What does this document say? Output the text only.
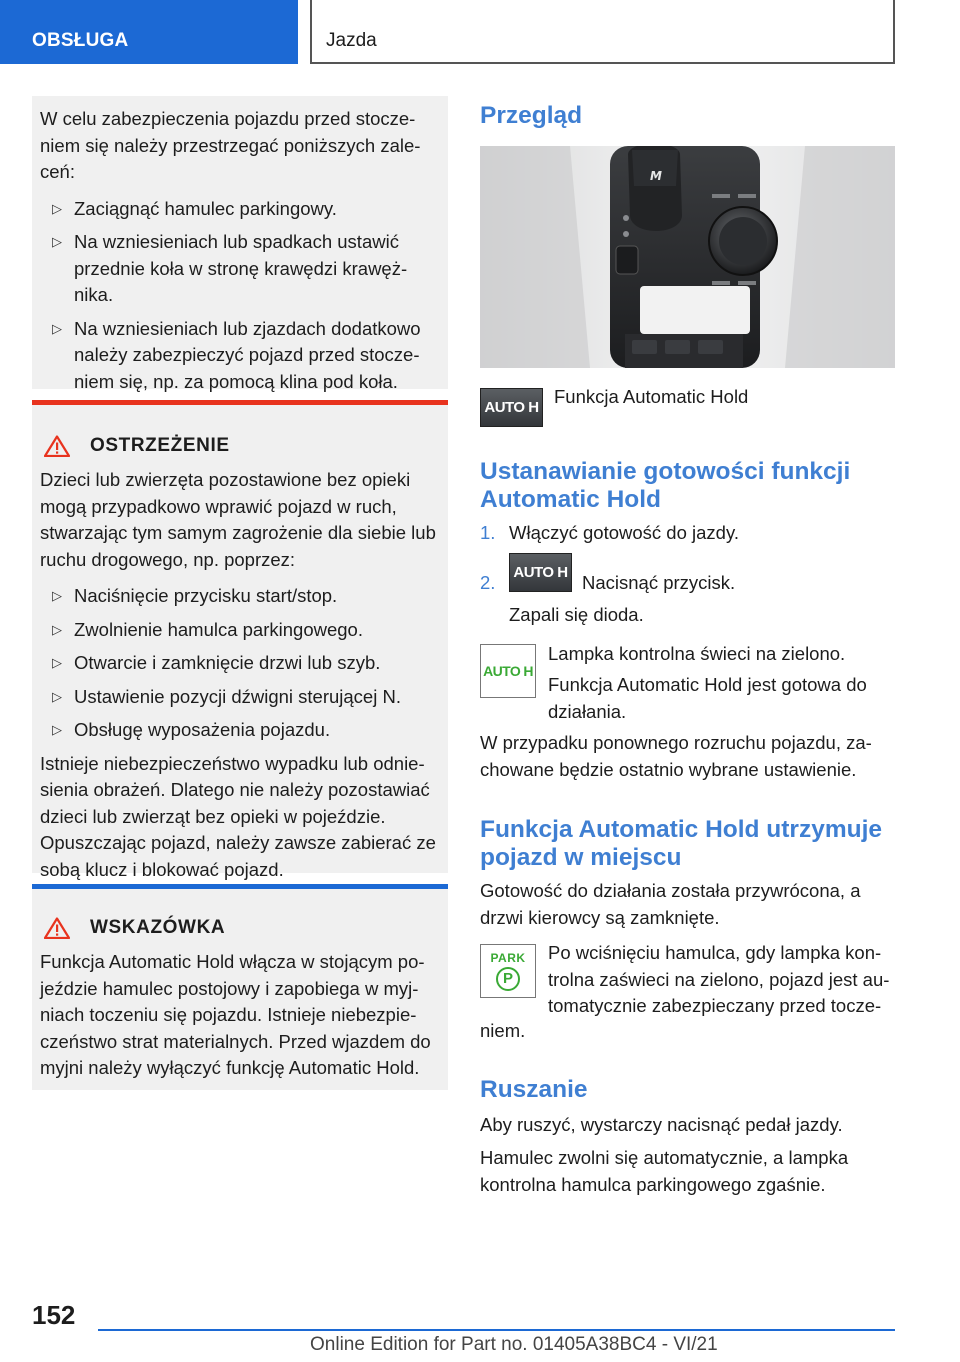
OBSŁUGA	Jazda

W celu zabezpieczenia pojazdu przed stocze-
niem się należy przestrzegać poniższych zale-
ceń:

▷ Zaciągnąć hamulec parkingowy.
▷ Na wzniesieniach lub spadkach ustawić
przednie koła w stronę krawędzi krawęż-
nika.
▷ Na wzniesieniach lub zjazdach dodatkowo
należy zabezpieczyć pojazd przed stocze-
niem się, np. za pomocą klina pod koła.
OSTRZEŻENIE

Dzieci lub zwierzęta pozostawione bez opieki
mogą przypadkowo wprawić pojazd w ruch,
stwarzając tym samym zagrożenie dla siebie lub
ruchu drogowego, np. poprzez:

▷ Naciśnięcie przycisku start/stop.
▷ Zwolnienie hamulca parkingowego.
▷ Otwarcie i zamknięcie drzwi lub szyb.
▷ Ustawienie pozycji dźwigni sterującej N.
▷ Obsługę wyposażenia pojazdu.

Istnieje niebezpieczeństwo wypadku lub odnie-
sienia obrażeń. Dlatego nie należy pozostawiać
dzieci lub zwierząt bez opieki w pojeździe.
Opuszczając pojazd, należy zawsze zabierać ze
sobą klucz i blokować pojazd.

WSKAZÓWKA

Funkcja Automatic Hold włącza w stojącym po-
jeździe hamulec postojowy i zapobiega w myj-
niach toczeniu się pojazdu. Istnieje niebezpie-
czeństwo strat materialnych. Przed wjazdem do
myjni należy wyłączyć funkcję Automatic Hold.

Przegląd
M
AUTO H
Funkcja Automatic Hold
Ustanawianie gotowości funkcji
Automatic Hold
1. Włączyć gotowość do jazdy.
2. AUTO H Nacisnąć przycisk.
Zapali się dioda.
AUTO H
Lampka kontrolna świeci na zielono.
Funkcja Automatic Hold jest gotowa do
działania.
W przypadku ponownego rozruchu pojazdu, za-
chowane będzie ostatnio wybrane ustawienie.
Funkcja Automatic Hold utrzymuje
pojazd w miejscu
Gotowość do działania została przywrócona, a
drzwi kierowcy są zamknięte.
PARK
P
Po wciśnięciu hamulca, gdy lampka kon-
trolna zaświeci na zielono, pojazd jest au-
tomatycznie zabezpieczany przed tocze-
niem.
Ruszanie
Aby ruszyć, wystarczy nacisnąć pedał jazdy.
Hamulec zwolni się automatycznie, a lampka
kontrolna hamulca parkingowego zgaśnie.
152
Online Edition for Part no. 01405A38BC4 - VI/21
